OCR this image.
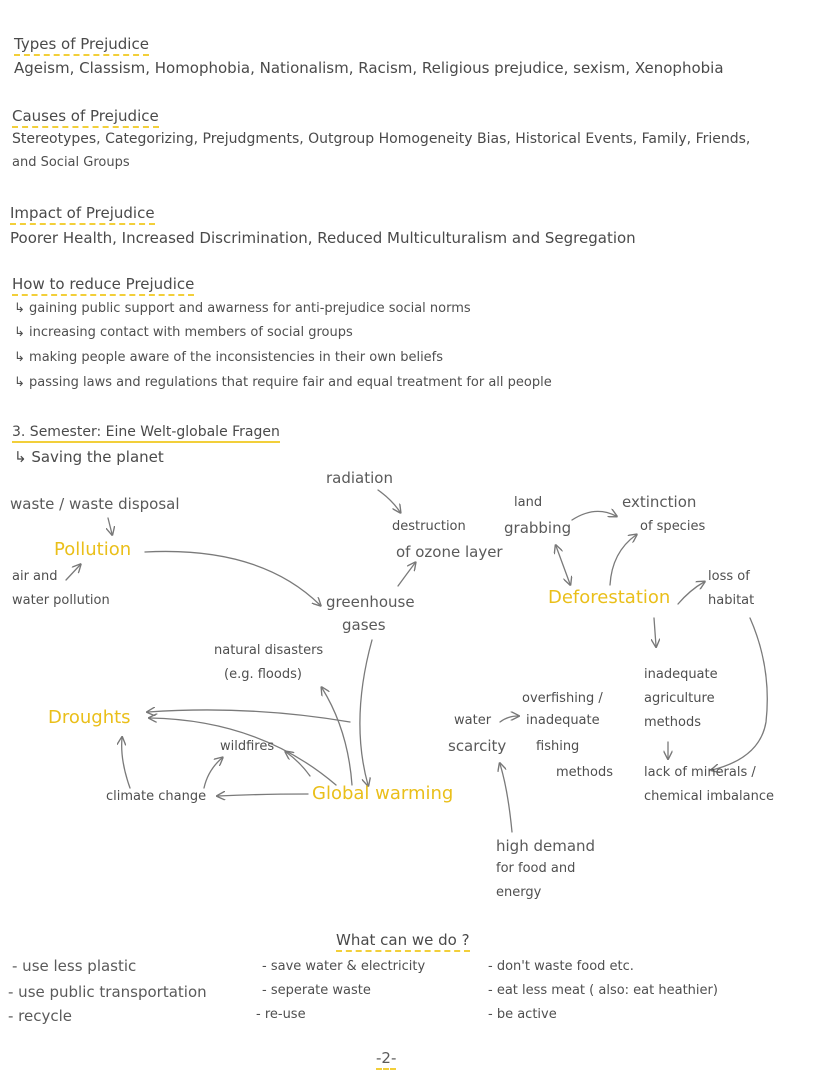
Types of Prejudice
Ageism, Classism, Homophobia, Nationalism, Racism, Religious prejudice, sexism, Xenophobia
Causes of Prejudice
Stereotypes, Categorizing, Prejudgments, Outgroup Homogeneity Bias, Historical Events, Family, Friends,
and Social Groups
Impact of Prejudice
Poorer Health, Increased Discrimination, Reduced Multiculturalism and Segregation
How to reduce Prejudice
↳ gaining public support and awarness for anti-prejudice social norms
↳ increasing contact with members of social groups
↳ making people aware of the inconsistencies in their own beliefs
↳ passing laws and regulations that require fair and equal treatment for all people
3. Semester: Eine Welt-globale Fragen
↳ Saving the planet
radiation
waste / waste disposal
Pollution
air and
water pollution
destruction
of ozone layer
land
grabbing
extinction
of species
greenhouse
gases
Deforestation
loss of
habitat
natural disasters
(e.g. floods)	inadequate
agriculture
methods
Droughts
wildfires
climate change	Global warming
water
scarcity
overfishing /
inadequate
fishing
methods lack of minerals /
chemical imbalance
high demand
for food and
energy
What can we do ?
- use less plastic
- use public transportation
- recycle
- save water & electricity
- seperate waste
- re-use
- don't waste food etc.
- eat less meat ( also: eat heathier)
- be active
-2-
